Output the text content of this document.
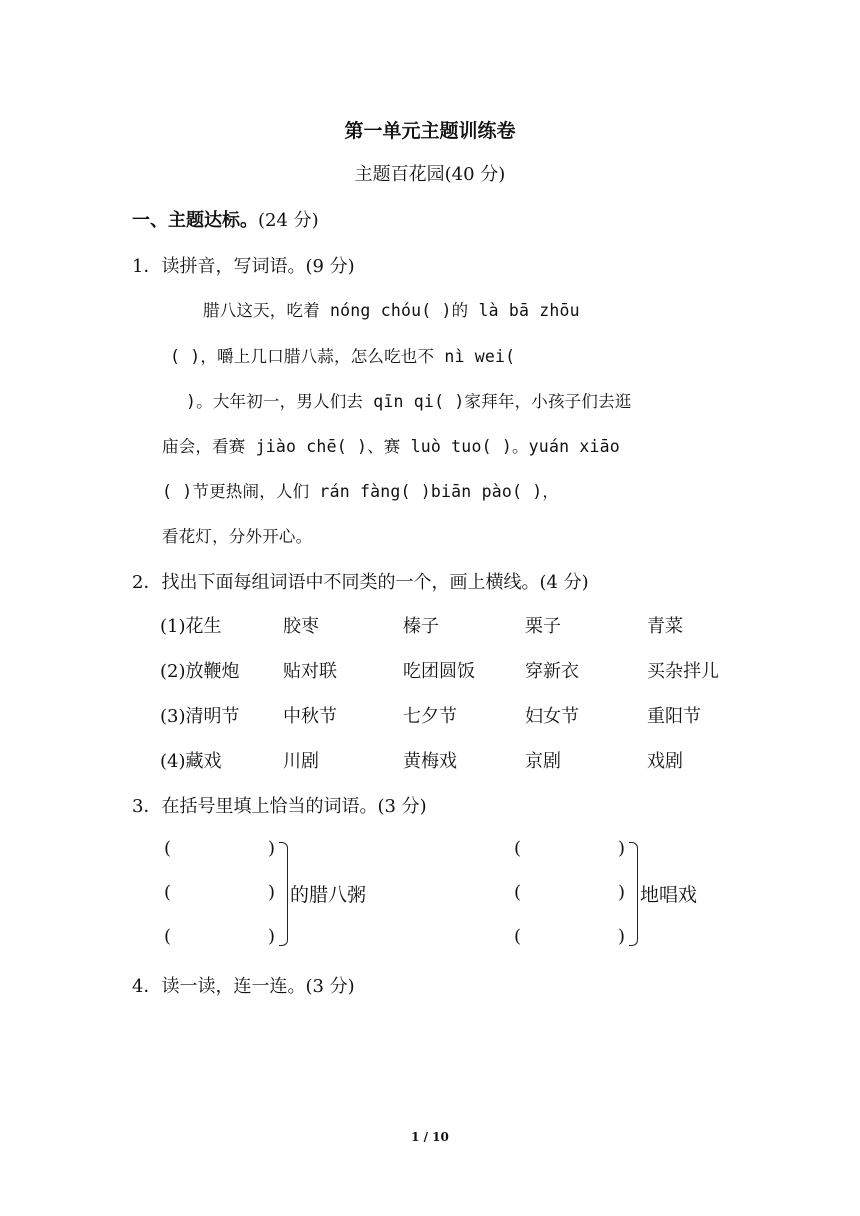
第一单元主题训练卷
主题百花园(40 分)
一、主题达标。(24 分)
1．读拼音，写词语。(9 分)
腊八这天，吃着 nóng chóu( )的 là bā zhōu
( )，嚼上几口腊八蒜，怎么吃也不 nì wei(
)。大年初一，男人们去 qīn qi( )家拜年，小孩子们去逛
庙会，看赛 jiào chē( )、赛 luò tuo( )。yuán xiāo
( )节更热闹，人们 rán fàng( )biān pào( )，
看花灯，分外开心。
2．找出下面每组词语中不同类的一个，画上横线。(4 分)
(1)花生	胶枣	榛子	栗子	青菜
(2)放鞭炮 贴对联	吃团圆饭	穿新衣	买杂拌儿
(3)清明节 中秋节	七夕节	妇女节	重阳节
(4)藏戏	川剧	黄梅戏	京剧	戏剧
3．在括号里填上恰当的词语。(3 分)
(	)
(	)
(	)
的腊八粥
(	)
(	)
(	)
地唱戏
4．读一读，连一连。(3 分)
1 / 10
